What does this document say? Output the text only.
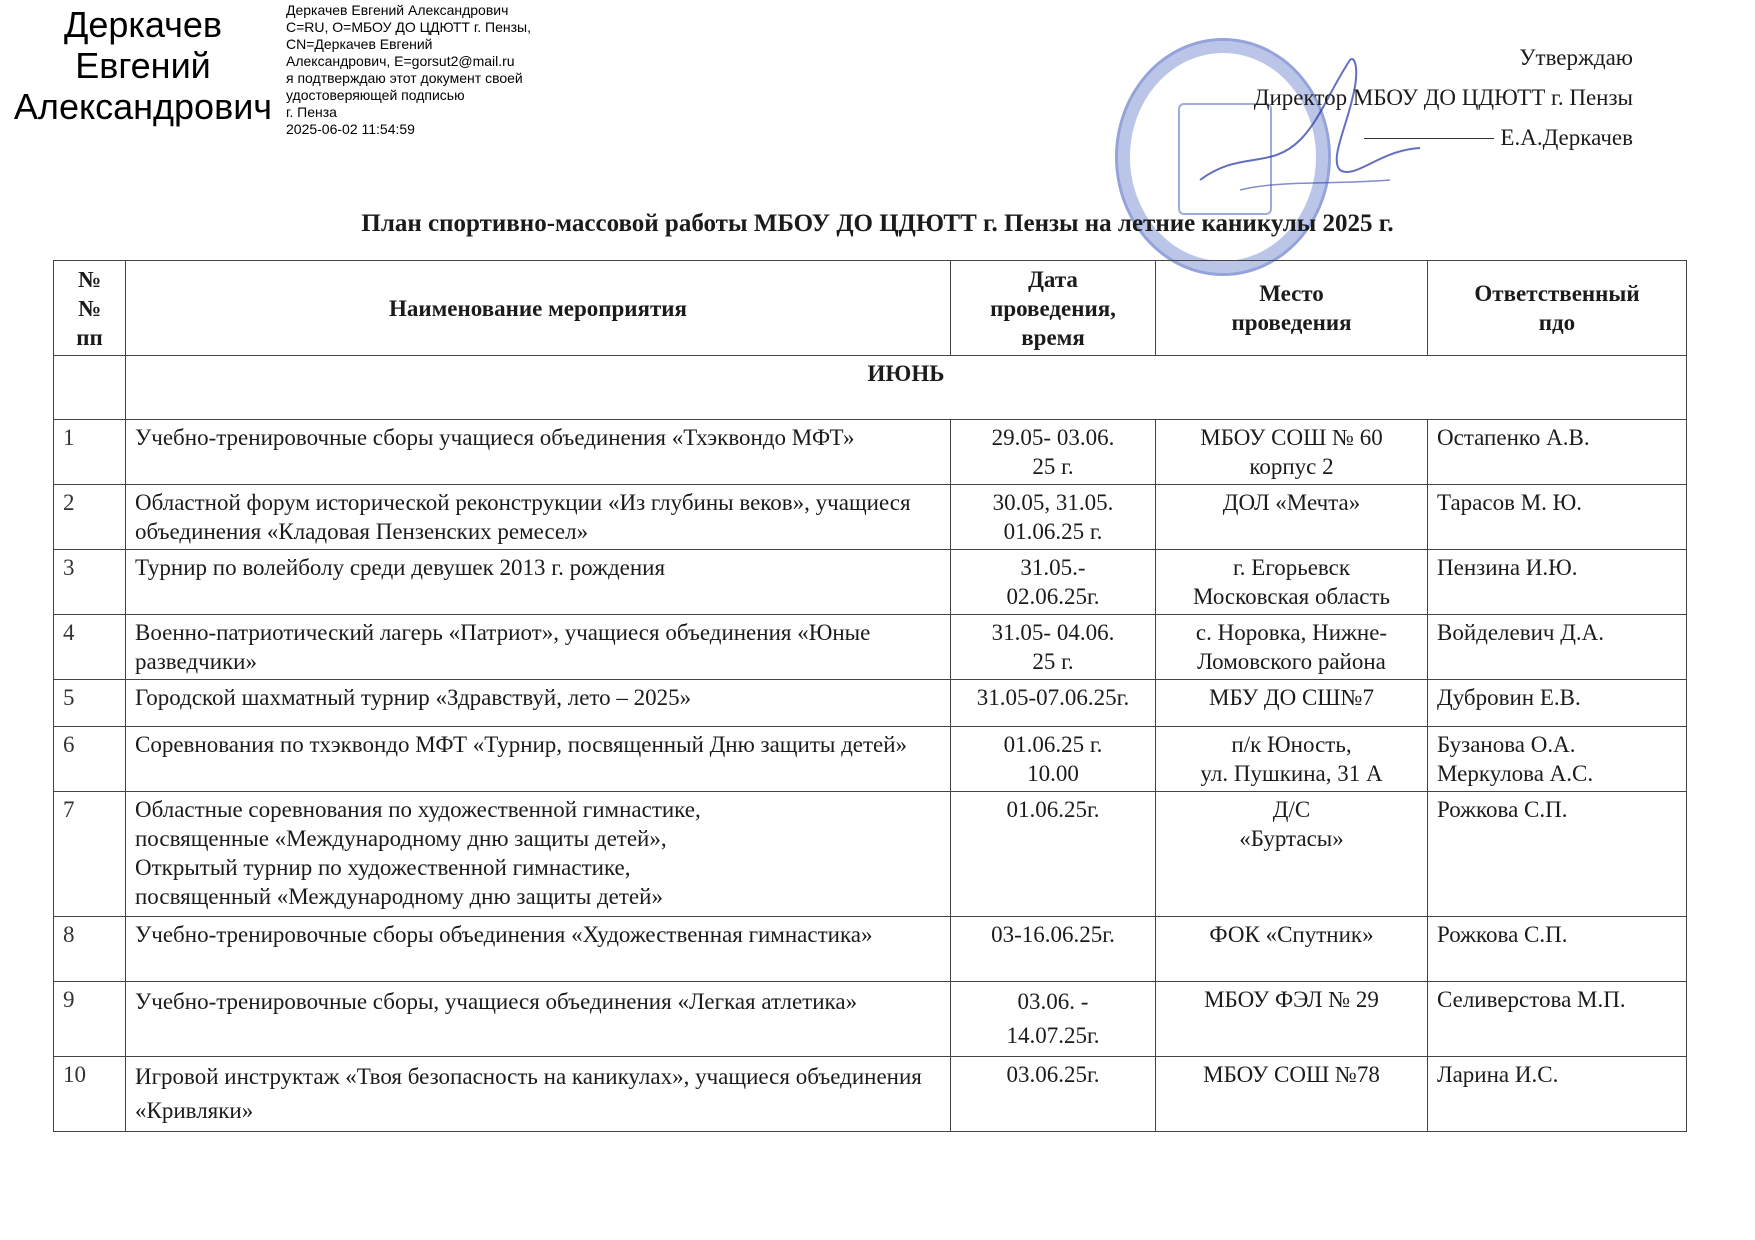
Деркачев
Евгений
Александрович
Деркачев Евгений Александрович
C=RU, O=МБОУ ДО ЦДЮТТ г. Пензы,
CN=Деркачев Евгений
Александрович, E=gorsut2@mail.ru
я подтверждаю этот документ своей
удостоверяющей подписью
г. Пенза
2025-06-02 11:54:59
Утверждаю
Директор МБОУ ДО ЦДЮТТ г. Пензы
Е.А.Деркачев
План спортивно-массовой работы МБОУ ДО ЦДЮТТ г. Пензы на летние каникулы 2025 г.
№
№
пп	Наименование мероприятия	Дата
проведения,
время	Место
проведения	Ответственный
пдо

	ИЮНЬ			
1	Учебно-тренировочные сборы учащиеся объединения «Тхэквондо МФТ»	29.05- 03.06.
25 г.	МБОУ СОШ № 60
корпус 2	Остапенко А.В.

2	Областной форум исторической реконструкции «Из глубины веков», учащиеся объединения «Кладовая Пензенских ремесел»	30.05, 31.05.
01.06.25 г.	ДОЛ «Мечта»	Тарасов М. Ю.

3	Турнир по волейболу среди девушек 2013 г. рождения	31.05.-
02.06.25г.	г. Егорьевск
Московская область	Пензина И.Ю.

4	Военно-патриотический лагерь «Патриот», учащиеся объединения «Юные разведчики»	31.05- 04.06.
25 г.	с. Норовка, Нижне-
Ломовского района	Войделевич Д.А.

5	Городской шахматный турнир «Здравствуй, лето – 2025»	31.05-07.06.25г.	МБУ ДО СШ№7	Дубровин Е.В.

6	Соревнования по тхэквондо МФТ «Турнир, посвященный Дню защиты детей»	01.06.25 г.
10.00	п/к Юность,
ул. Пушкина, 31 А	Бузанова О.А.
Меркулова А.С.

7	Областные соревнования по художественной гимнастике,
посвященные «Международному дню защиты детей»,
Открытый турнир по художественной гимнастике,
посвященный «Международному дню защиты детей»	01.06.25г.	Д/С
«Буртасы»	Рожкова С.П.

8	Учебно-тренировочные сборы объединения «Художественная гимнастика»	03-16.06.25г.	ФОК «Спутник»	Рожкова С.П.

9	Учебно-тренировочные сборы, учащиеся объединения «Легкая атлетика»	03.06. -
14.07.25г.	МБОУ ФЭЛ № 29	Селиверстова М.П.

10	Игровой инструктаж «Твоя безопасность на каникулах», учащиеся объединения «Кривляки»	03.06.25г.	МБОУ СОШ №78	Ларина И.С.
